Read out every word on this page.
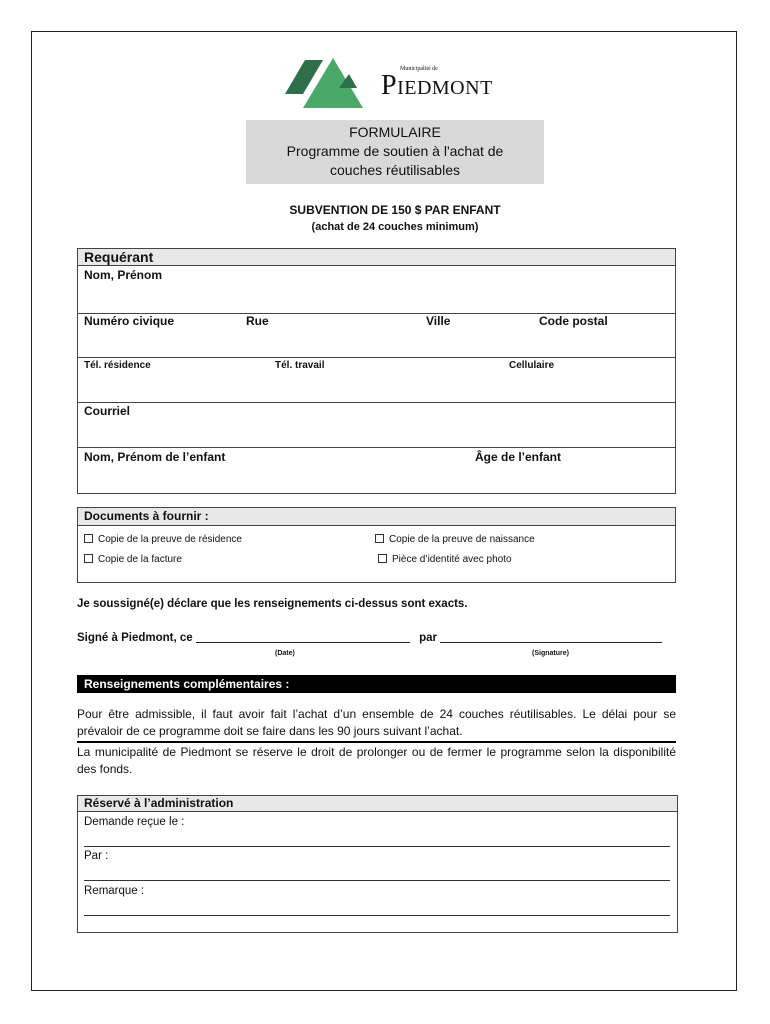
Municipalité de
PIEDMONT
FORMULAIRE
Programme de soutien à l'achat de
couches réutilisables
SUBVENTION DE 150 $ PAR ENFANT
(achat de 24 couches minimum)
Requérant
Nom, Prénom
Numéro civique	Rue	Ville	Code postal
Tél. résidence	Tél. travail	Cellulaire
Courriel
Nom, Prénom de l’enfant	Âge de l’enfant
Documents à fournir :
Copie de la preuve de résidence	Copie de la preuve de naissance
Copie de la facture	Pièce d’identité avec photo
Je soussigné(e) déclare que les renseignements ci-dessus sont exacts.
Signé à Piedmont, ce	par
(Date)	(Signature)
Renseignements complémentaires :
Pour être admissible, il faut avoir fait l’achat d’un ensemble de 24 couches réutilisables. Le délai pour se prévaloir de ce programme doit se faire dans les 90 jours suivant l’achat.
La municipalité de Piedmont se réserve le droit de prolonger ou de fermer le programme selon la disponibilité des fonds.
Réservé à l’administration
Demande reçue le :
Par :
Remarque :
